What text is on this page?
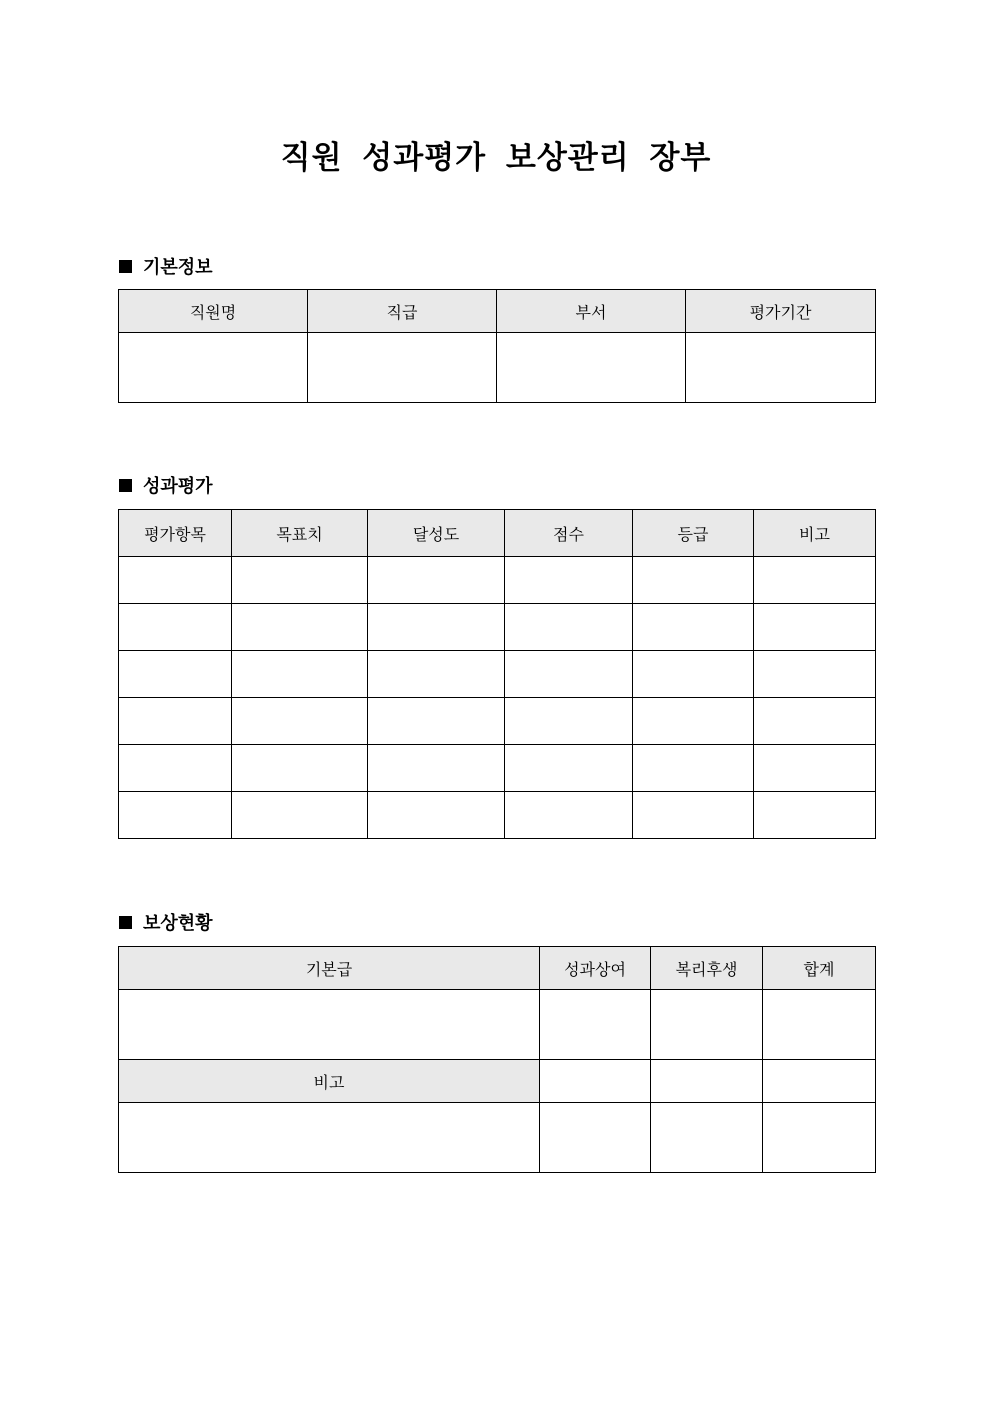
직원 성과평가 보상관리 장부
기본정보
직원명	직급	부서	평가기간

성과평가
평가항목	목표치	달성도	점수	등급	비고

보상현황
기본급	성과상여	복리후생	합계

비고			
